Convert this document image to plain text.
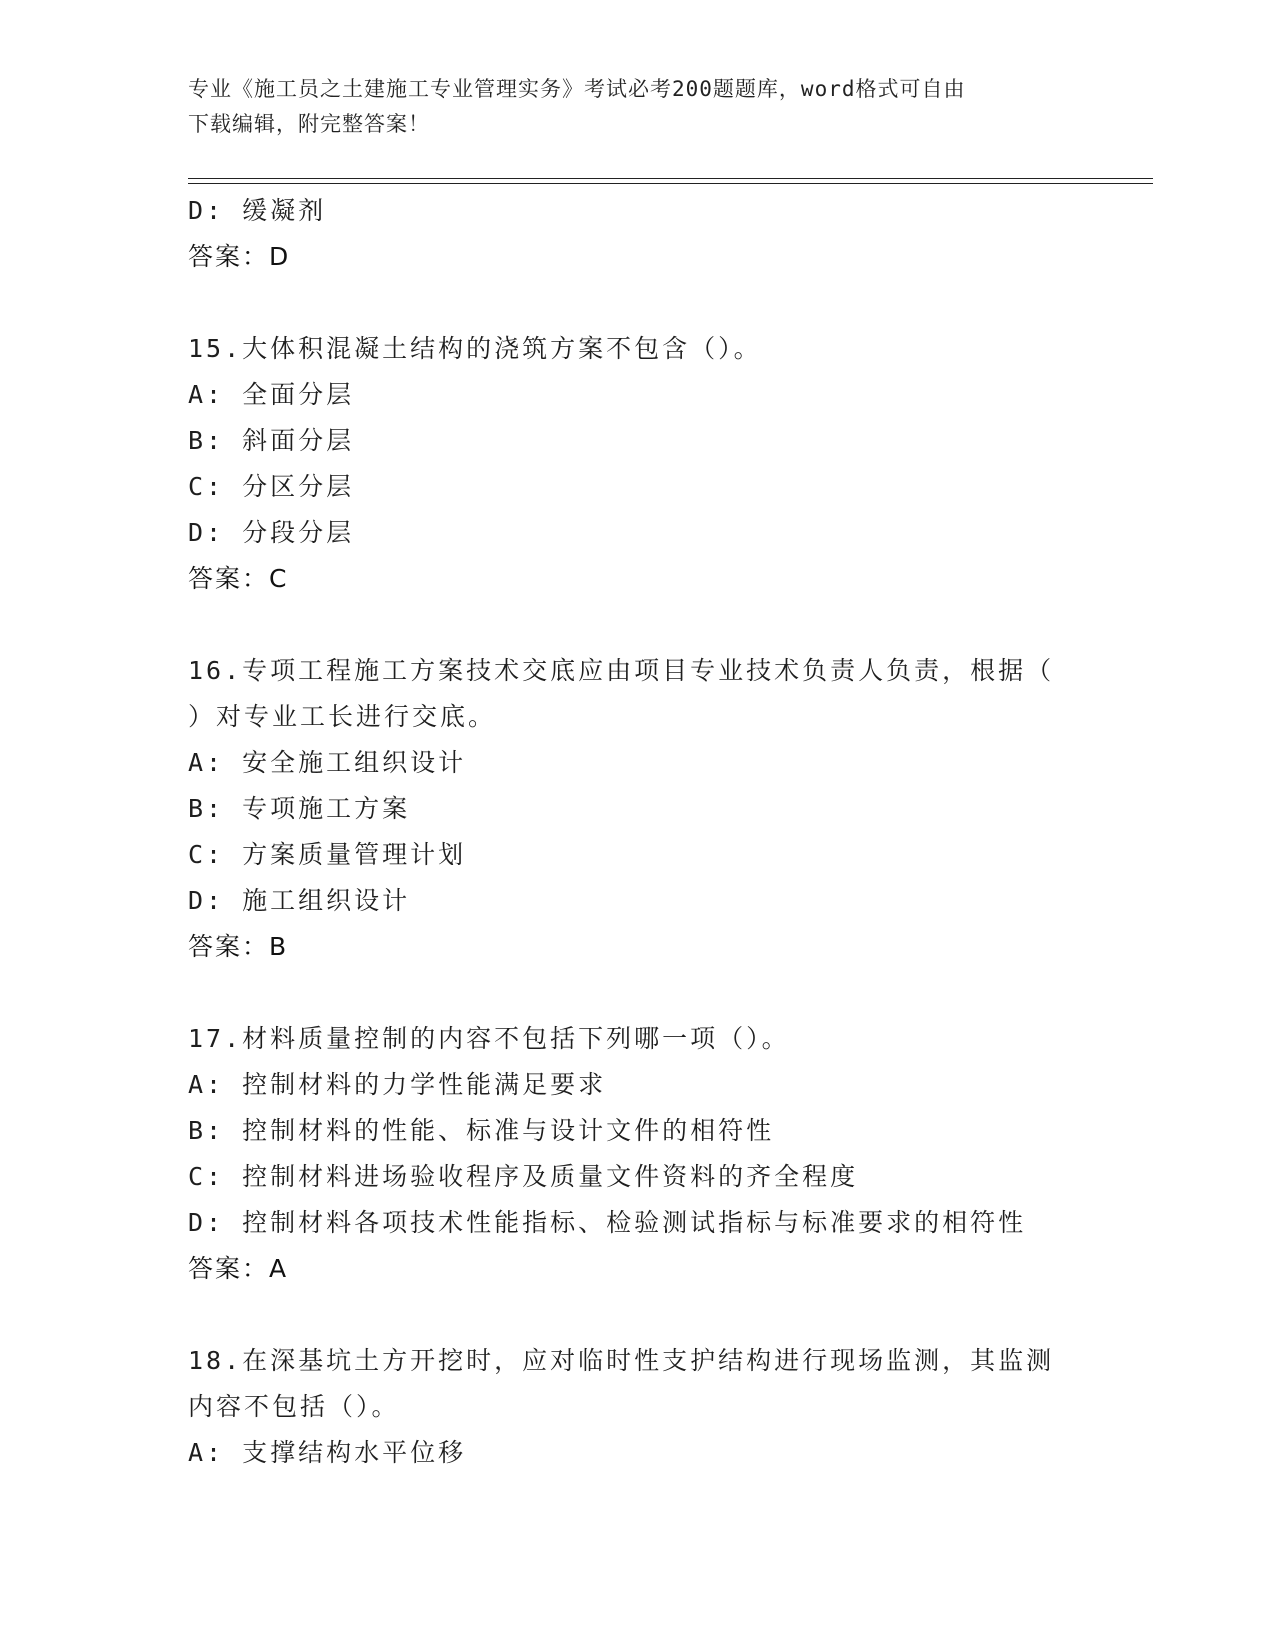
专业《施工员之土建施工专业管理实务》考试必考200题题库，word格式可自由
下载编辑，附完整答案！
D: 缓凝剂
答案：D
15.大体积混凝土结构的浇筑方案不包含（）。
A: 全面分层
B: 斜面分层
C: 分区分层
D: 分段分层
答案：C
16.专项工程施工方案技术交底应由项目专业技术负责人负责，根据（
）对专业工长进行交底。
A: 安全施工组织设计
B: 专项施工方案
C: 方案质量管理计划
D: 施工组织设计
答案：B
17.材料质量控制的内容不包括下列哪一项（）。
A: 控制材料的力学性能满足要求
B: 控制材料的性能、标准与设计文件的相符性
C: 控制材料进场验收程序及质量文件资料的齐全程度
D: 控制材料各项技术性能指标、检验测试指标与标准要求的相符性
答案：A
18.在深基坑土方开挖时，应对临时性支护结构进行现场监测，其监测
内容不包括（）。
A: 支撑结构水平位移
